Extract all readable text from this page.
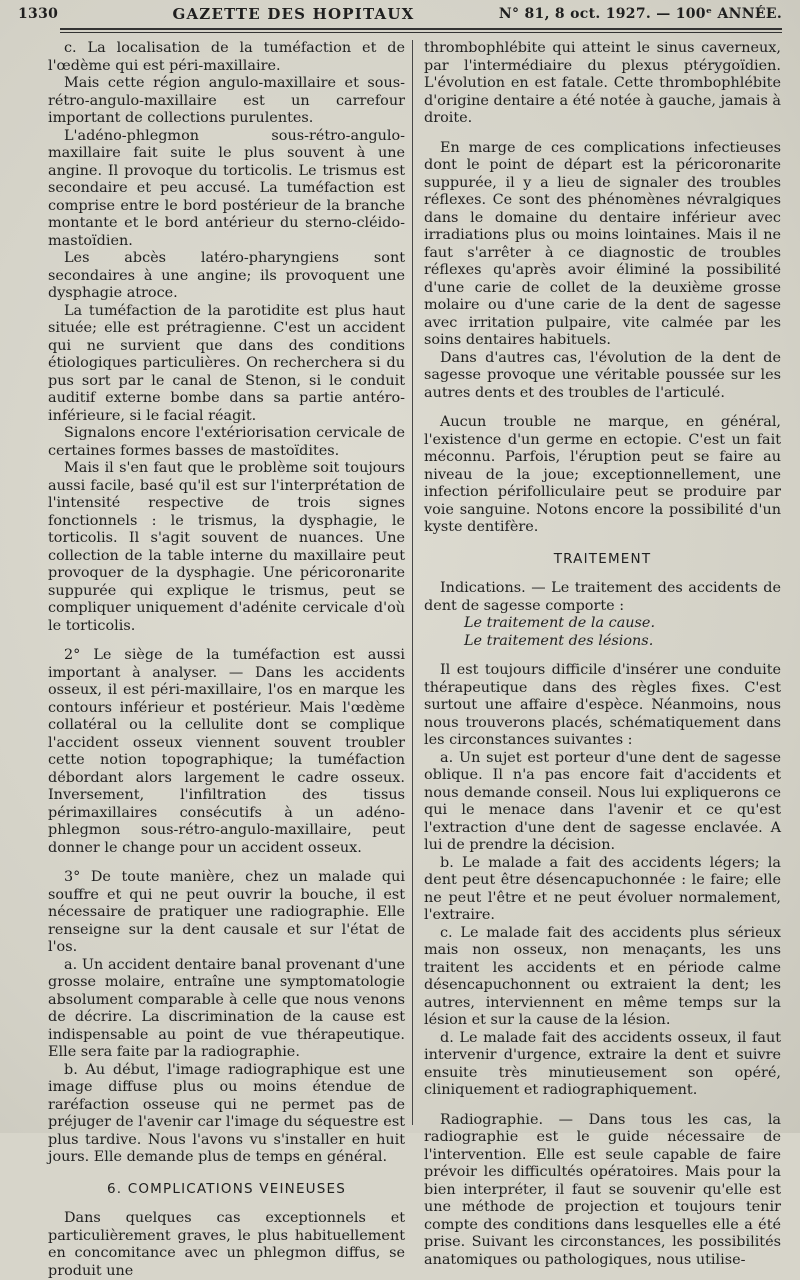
1330	GAZETTE DES HOPITAUX	N° 81, 8 oct. 1927. — 100ᵉ ANNÉE.

c. La localisation de la tuméfaction et de l'œdème qui est péri-maxillaire.

Mais cette région angulo-maxillaire et sous-rétro-angulo-maxillaire est un carrefour important de collections purulentes.

L'adéno-phlegmon sous-rétro-angulo-maxillaire fait suite le plus souvent à une angine. Il provoque du torticolis. Le trismus est secondaire et peu accusé. La tuméfaction est comprise entre le bord postérieur de la branche montante et le bord antérieur du sterno-cléido-mastoïdien.

Les abcès latéro-pharyngiens sont secondaires à une angine; ils provoquent une dysphagie atroce.

La tuméfaction de la parotidite est plus haut située; elle est prétragienne. C'est un accident qui ne survient que dans des conditions étiologiques particulières. On recherchera si du pus sort par le canal de Stenon, si le conduit auditif externe bombe dans sa partie antéro-inférieure, si le facial réagit.

Signalons encore l'extériorisation cervicale de certaines formes basses de mastoïdites.

Mais il s'en faut que le problème soit toujours aussi facile, basé qu'il est sur l'interprétation de l'intensité respective de trois signes fonctionnels : le trismus, la dysphagie, le torticolis. Il s'agit souvent de nuances. Une collection de la table interne du maxillaire peut provoquer de la dysphagie. Une péricoronarite suppurée qui explique le trismus, peut se compliquer uniquement d'adénite cervicale d'où le torticolis.

2° Le siège de la tuméfaction est aussi important à analyser. — Dans les accidents osseux, il est péri-maxillaire, l'os en marque les contours inférieur et postérieur. Mais l'œdème collatéral ou la cellulite dont se complique l'accident osseux viennent souvent troubler cette notion topographique; la tuméfaction débordant alors largement le cadre osseux. Inversement, l'infiltration des tissus périmaxillaires consécutifs à un adéno-phlegmon sous-rétro-angulo-maxillaire, peut donner le change pour un accident osseux.

3° De toute manière, chez un malade qui souffre et qui ne peut ouvrir la bouche, il est nécessaire de pratiquer une radiographie. Elle renseigne sur la dent causale et sur l'état de l'os.

a. Un accident dentaire banal provenant d'une grosse molaire, entraîne une symptomatologie absolument comparable à celle que nous venons de décrire. La discrimination de la cause est indispensable au point de vue thérapeutique. Elle sera faite par la radiographie.

b. Au début, l'image radiographique est une image diffuse plus ou moins étendue de raréfaction osseuse qui ne permet pas de préjuger de l'avenir car l'image du séquestre est plus tardive. Nous l'avons vu s'installer en huit jours. Elle demande plus de temps en général.

6. COMPLICATIONS VEINEUSES

Dans quelques cas exceptionnels et particulièrement graves, le plus habituellement en concomitance avec un phlegmon diffus, se produit une

thrombophlébite qui atteint le sinus caverneux, par l'intermédiaire du plexus ptérygoïdien. L'évolution en est fatale. Cette thrombophlébite d'origine dentaire a été notée à gauche, jamais à droite.

En marge de ces complications infectieuses dont le point de départ est la péricoronarite suppurée, il y a lieu de signaler des troubles réflexes. Ce sont des phénomènes névralgiques dans le domaine du dentaire inférieur avec irradiations plus ou moins lointaines. Mais il ne faut s'arrêter à ce diagnostic de troubles réflexes qu'après avoir éliminé la possibilité d'une carie de collet de la deuxième grosse molaire ou d'une carie de la dent de sagesse avec irritation pulpaire, vite calmée par les soins dentaires habituels.

Dans d'autres cas, l'évolution de la dent de sagesse provoque une véritable poussée sur les autres dents et des troubles de l'articulé.

Aucun trouble ne marque, en général, l'existence d'un germe en ectopie. C'est un fait méconnu. Parfois, l'éruption peut se faire au niveau de la joue; exceptionnellement, une infection périfolliculaire peut se produire par voie sanguine. Notons encore la possibilité d'un kyste dentifère.

TRAITEMENT

Indications. — Le traitement des accidents de dent de sagesse comporte :

Le traitement de la cause.

Le traitement des lésions.

Il est toujours difficile d'insérer une conduite thérapeutique dans des règles fixes. C'est surtout une affaire d'espèce. Néanmoins, nous nous trouverons placés, schématiquement dans les circonstances suivantes :

a. Un sujet est porteur d'une dent de sagesse oblique. Il n'a pas encore fait d'accidents et nous demande conseil. Nous lui expliquerons ce qui le menace dans l'avenir et ce qu'est l'extraction d'une dent de sagesse enclavée. A lui de prendre la décision.

b. Le malade a fait des accidents légers; la dent peut être désencapuchonnée : le faire; elle ne peut l'être et ne peut évoluer normalement, l'extraire.

c. Le malade fait des accidents plus sérieux mais non osseux, non menaçants, les uns traitent les accidents et en période calme désencapuchonnent ou extraient la dent; les autres, interviennent en même temps sur la lésion et sur la cause de la lésion.

d. Le malade fait des accidents osseux, il faut intervenir d'urgence, extraire la dent et suivre ensuite très minutieusement son opéré, cliniquement et radiographiquement.

Radiographie. — Dans tous les cas, la radiographie est le guide nécessaire de l'intervention. Elle est seule capable de faire prévoir les difficultés opératoires. Mais pour la bien interpréter, il faut se souvenir qu'elle est une méthode de projection et toujours tenir compte des conditions dans lesquelles elle a été prise. Suivant les circonstances, les possibilités anatomiques ou pathologiques, nous utilise-
